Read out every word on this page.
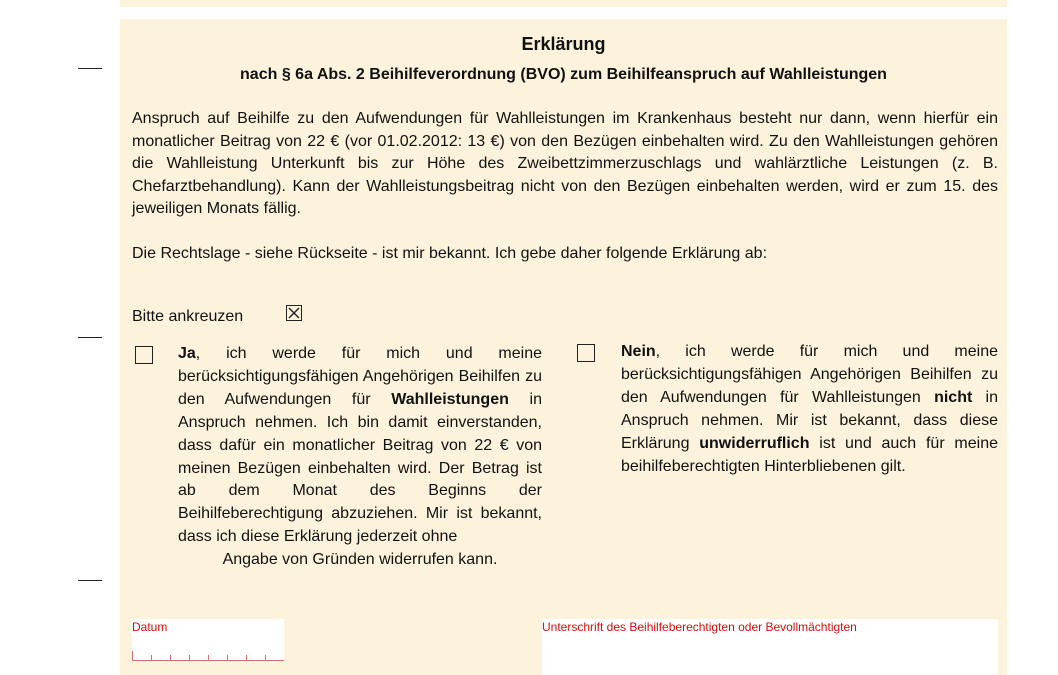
Erklärung
nach § 6a Abs. 2 Beihilfeverordnung (BVO) zum Beihilfeanspruch auf Wahlleistungen
Anspruch auf Beihilfe zu den Aufwendungen für Wahlleistungen im Krankenhaus besteht nur dann, wenn hierfür ein monatlicher Beitrag von 22 € (vor 01.02.2012: 13 €) von den Bezügen einbehalten wird. Zu den Wahlleistungen gehören die Wahlleistung Unterkunft bis zur Höhe des Zweibettzimmerzuschlags und wahlärztliche Leistungen (z. B. Chefarztbehandlung). Kann der Wahlleistungsbeitrag nicht von den Bezügen einbehalten werden, wird er zum 15. des jeweiligen Monats fällig.
Die Rechtslage - siehe Rückseite - ist mir bekannt. Ich gebe daher folgende Erklärung ab:
Bitte ankreuzen

Ja, ich werde für mich und meine berücksichtigungsfähigen Angehörigen Beihilfen zu den Aufwendungen für Wahlleistungen in Anspruch nehmen. Ich bin damit einverstanden, dass dafür ein monatlicher Beitrag von 22 € von meinen Bezügen einbehalten wird. Der Betrag ist ab dem Monat des Beginns der Beihilfeberechtigung abzuziehen. Mir ist bekannt, dass ich diese Erklärung jederzeit ohne

Angabe von Gründen widerrufen kann.

Nein, ich werde für mich und meine berücksichtigungsfähigen Angehörigen Beihilfen zu den Aufwendungen für Wahlleistungen nicht in Anspruch nehmen. Mir ist bekannt, dass diese Erklärung unwiderruflich ist und auch für meine beihilfeberechtigten Hinterbliebenen gilt.

Datum	Unterschrift des Beihilfeberechtigten oder Bevollmächtigten
